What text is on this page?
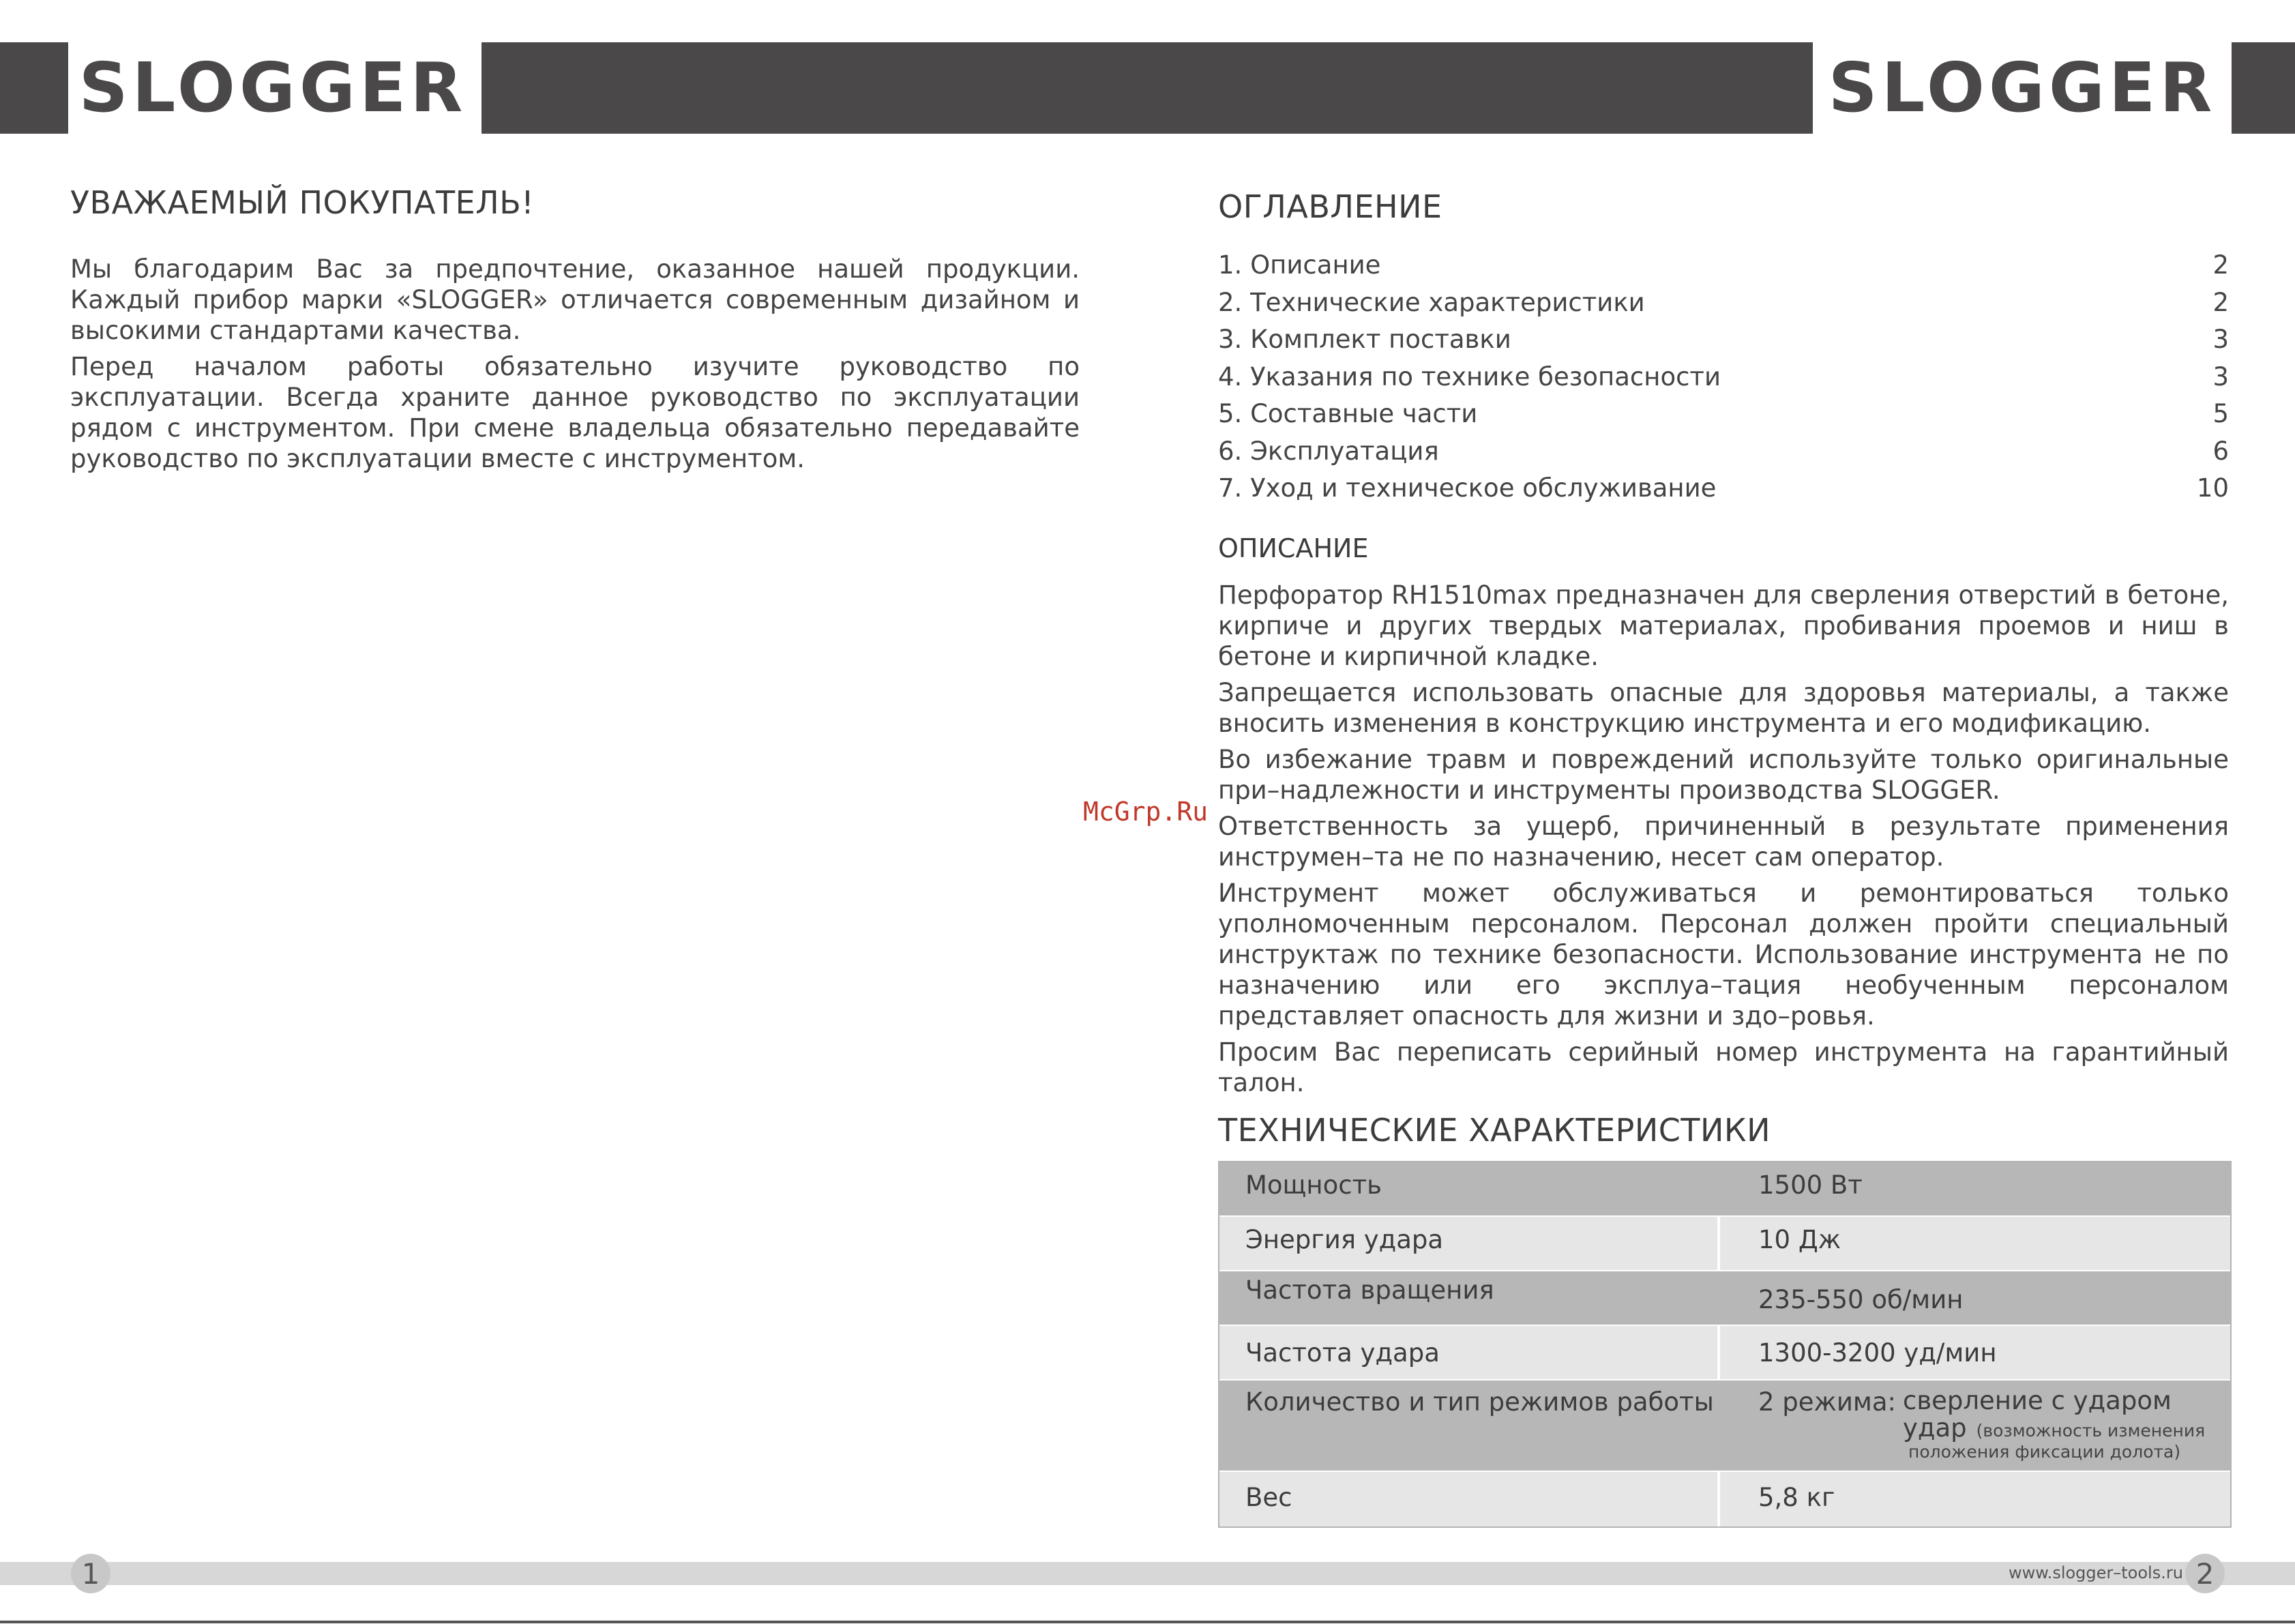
SLOGGER	SLOGGER
УВАЖАЕМЫЙ ПОКУПАТЕЛЬ!

Мы благодарим Вас за предпочтение, оказанное нашей продукции. Каждый прибор марки «SLOGGER» отличается современным дизайном и высокими стандартами качества.

Перед началом работы обязательно изучите руководство по эксплуатации. Всегда храните данное руководство по эксплуатации рядом с инструментом. При смене владельца обязательно передавайте руководство по эксплуатации вместе с инструментом.

McGrp.Ru
ОГЛАВЛЕНИЕ
1. Описание	2
2. Технические характеристики	2
3. Комплект поставки	3
4. Указания по технике безопасности	3
5. Составные части	5
6. Эксплуатация	6
7. Уход и техническое обслуживание	10
ОПИСАНИЕ

Перфоратор RH1510max предназначен для сверления отверстий в бетоне, кирпиче и других твердых материалах, пробивания проемов и ниш в бетоне и кирпичной кладке.

Запрещается использовать опасные для здоровья материалы, а также вносить изменения в конструкцию инструмента и его модификацию.

Во избежание травм и повреждений используйте только оригинальные при–надлежности и инструменты производства SLOGGER.

Ответственность за ущерб, причиненный в результате применения инструмен–та не по назначению, несет сам оператор.

Инструмент может обслуживаться и ремонтироваться только уполномоченным персоналом. Персонал должен пройти специальный инструктаж по технике безопасности. Использование инструмента не по назначению или его эксплуа–тация необученным персоналом представляет опасность для жизни и здо–ровья.

Просим Вас переписать серийный номер инструмента на гарантийный талон.

ТЕХНИЧЕСКИЕ ХАРАКТЕРИСТИКИ
Мощность	1500 Вт
Энергия удара	10 Дж
Частота вращения	235-550 об/мин
Частота удара	1300-3200 уд/мин
Количество и тип режимов работы 2 режима: сверление с ударом
удар (возможность изменения
положения фиксации долота)
Вес	5,8 кг
1	www.slogger–tools.ru 2
